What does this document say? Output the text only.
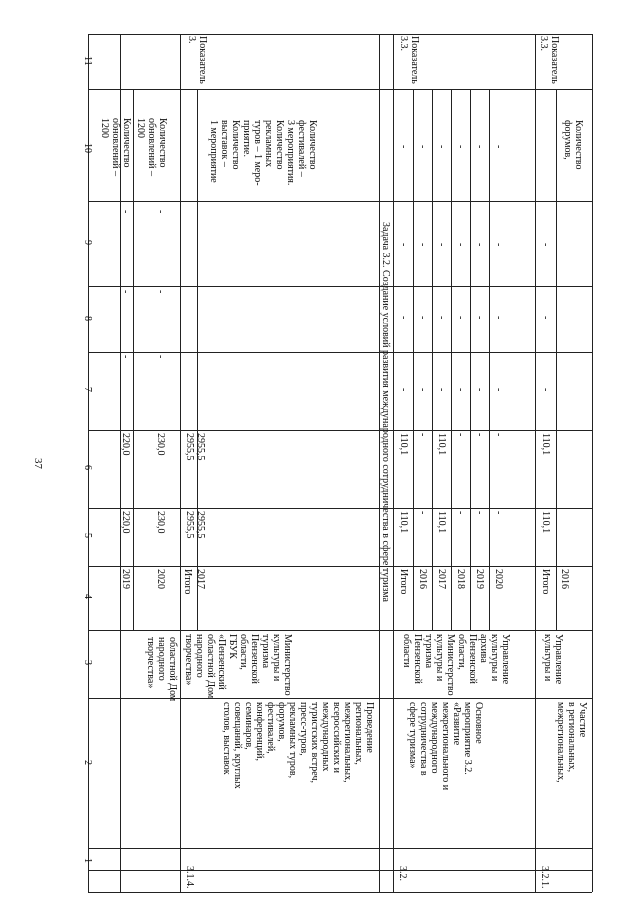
37
1
2
3
4
5
6
7
8
9
10
11
областной Дом
народного
творчества»
2019
220,0
220,0
-
-
-
Количество
обновлений –
1200
2020
230,0
230,0
-
-
-
Количество
обновлений –
1200
3.1.4.
Проведение
региональных,
межрегиональных,
всероссийских и
международных
туристских встреч,
пресс-туров,
рекламных туров,
форумов,
фестивалей,
конференций,
семинаров,
совещаний, круглых
столов, выставок
Министерство
культуры и
туризма
Пензенской
области,
ГБУК
«Пензенский
областной Дом
народного
творчества»
Итого 2017
2955,5
2955,5
2955,5
2955,5
Количество
фестивалей –
3 мероприятия.
Количество
рекламных
туров – 1 меро-
приятие.
Количество
выставок –
1 мероприятие
Показатель
3.
Задача 3.2. Создание условий развития международного сотрудничества в сфере туризма
3.2.
Основное
мероприятие 3.2.
«Развитие
межрегионального и
международного
сотрудничества в
сфере туризма»
Управление
культуры и
архива
Пензенской
области,
Министерство
культуры и
туризма
Пензенской
области
Итого 2016 2017 2018 2019 2020
110,1 - 110,1 - - -
110,1 - 110,1 - - -
- - - - - -
- - - - - -
- - - - - -
- - - - - -
Показатель
3.3.
3.2.1.
Участие
в региональных,
межрегиональных,
Управление
культуры и
Итого 2016
110,1
110,1
-
-
-
Количество
форумов,
Показатель
3.3.
